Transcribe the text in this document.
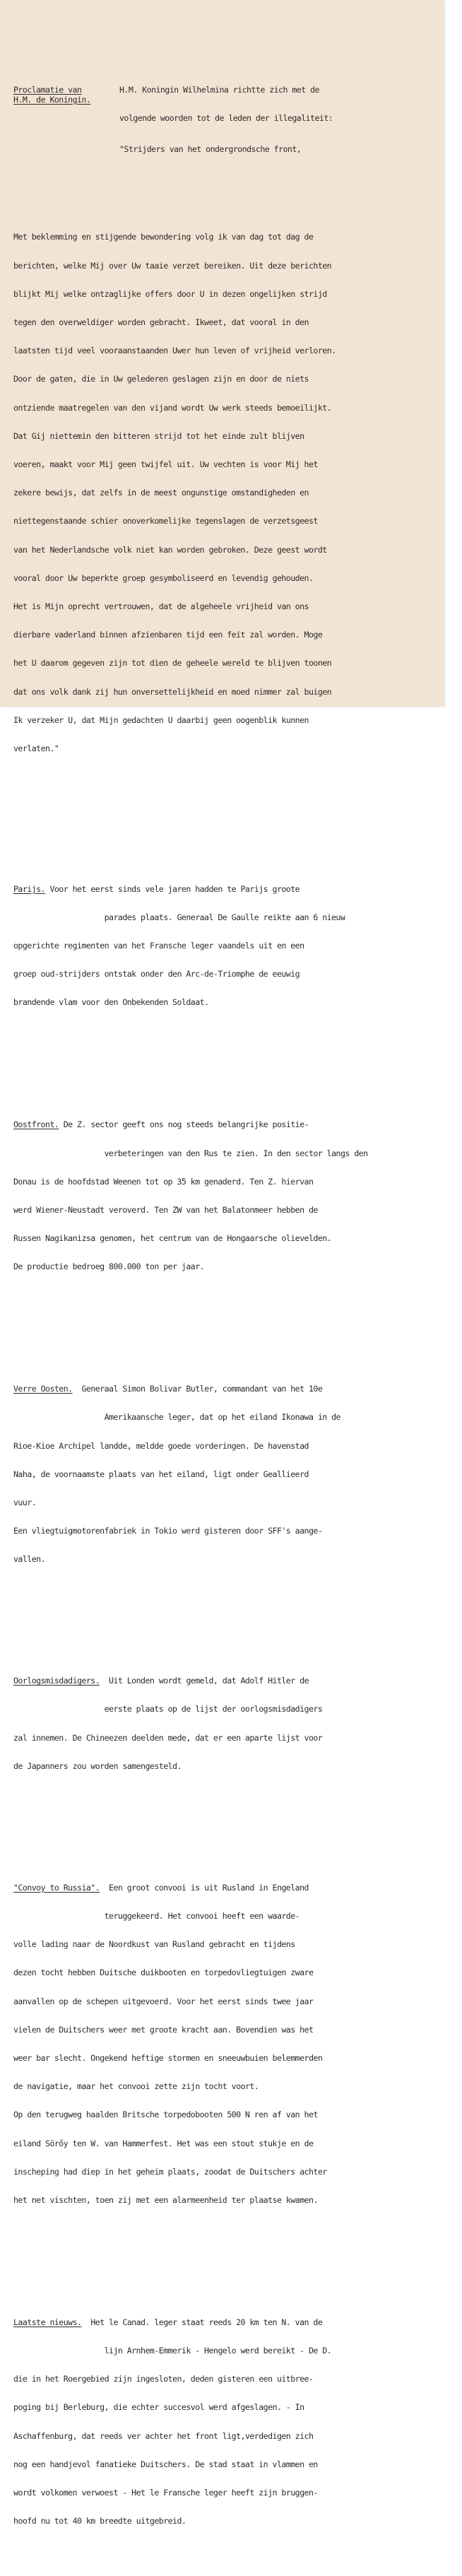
Proclamatie van
H.M. de Koningin.

H.M. Koningin Wilhelmina richtte zich met de

volgende woorden tot de leden der illegaliteit:

"Strijders van het ondergrondsche front,

Met beklemming en stijgende bewondering volg ik van dag tot dag de

berichten, welke Mij over Uw taaie verzet bereiken. Uit deze berichten

blijkt Mij welke ontzaglijke offers door U in dezen ongelijken strijd

tegen den overweldiger worden gebracht. Ikweet, dat vooral in den

laatsten tijd veel vooraanstaanden Uwer hun leven of vrijheid verloren.

Door de gaten, die in Uw gelederen geslagen zijn en door de niets

ontziende maatregelen van den vijand wordt Uw werk steeds bemoeilijkt.

Dat Gij niettemin den bitteren strijd tot het einde zult blijven

voeren, maakt voor Mij geen twijfel uit. Uw vechten is voor Mij het

zekere bewijs, dat zelfs in de meest ongunstige omstandigheden en

niettegenstaande schier onoverkomelijke tegenslagen de verzetsgeest

van het Nederlandsche volk niet kan worden gebroken. Deze geest wordt

vooral door Uw beperkte groep gesymboliseerd en levendig gehouden.

Het is Mijn oprecht vertrouwen, dat de algeheele vrijheid van ons

dierbare vaderland binnen afzienbaren tijd een feit zal worden. Moge

het U daarom gegeven zijn tot dien de geheele wereld te blijven toonen

dat ons volk dank zij hun onversettelijkheid en moed nimmer zal buigen

Ik verzeker U, dat Mijn gedachten U daarbij geen oogenblik kunnen

verlaten."

Parijs. Voor het eerst sinds vele jaren hadden te Parijs groote

parades plaats. Generaal De Gaulle reikte aan 6 nieuw

opgerichte regimenten van het Fransche leger vaandels uit en een

groep oud-strijders ontstak onder den Arc-de-Triomphe de eeuwig

brandende vlam voor den Onbekenden Soldaat.

Oostfront. De Z. sector geeft ons nog steeds belangrijke positie-

verbeteringen van den Rus te zien. In den sector langs den

Donau is de hoofdstad Weenen tot op 35 km genaderd. Ten Z. hiervan

werd Wiener-Neustadt veroverd. Ten ZW van het Balatonmeer hebben de

Russen Nagikanizsa genomen, het centrum van de Hongaarsche olievelden.

De productie bedroeg 800.000 ton per jaar.

Verre Oosten.  Generaal Simon Bolivar Butler, commandant van het 10e

Amerikaansche leger, dat op het eiland Ikonawa in de

Rioe-Kioe Archipel landde, meldde goede vorderingen. De havenstad

Naha, de voornaamste plaats van het eiland, ligt onder Geallieerd

vuur.

Een vliegtuigmotorenfabriek in Tokio werd gisteren door SFF's aange-

vallen.

Oorlogsmisdadigers.  Uit Londen wordt gemeld, dat Adolf Hitler de

eerste plaats op de lijst der oorlogsmisdadigers

zal innemen. De Chineezen deelden mede, dat er een aparte lijst voor

de Japanners zou worden samengesteld.

"Convoy to Russia".  Een groot convooi is uit Rusland in Engeland

teruggekeerd. Het convooi heeft een waarde-

volle lading naar de Noordkust van Rusland gebracht en tijdens

dezen tocht hebben Duitsche duikbooten en torpedovliegtuigen zware

aanvallen op de schepen uitgevoerd. Voor het eerst sinds twee jaar

vielen de Duitschers weer met groote kracht aan. Bovendien was het

weer bar slecht. Ongekend heftige stormen en sneeuwbuien belemmerden

de navigatie, maar het convooi zette zijn tocht voort.

Op den terugweg haalden Britsche torpedobooten 500 N ren af van het

eiland Sörőy ten W. van Hammerfest. Het was een stout stukje en de

inscheping had diep in het geheim plaats, zoodat de Duitschers achter

het net vischten, toen zij met een alarmeenheid ter plaatse kwamen.

Laatste nieuws.  Het le Canad. leger staat reeds 20 km ten N. van de

lijn Arnhem-Emmerik - Hengelo werd bereikt - De D.

die in het Roergebied zijn ingesloten, deden gisteren een uitbree-

poging bij Berleburg, die echter succesvol werd afgeslagen. - In

Aschaffenburg, dat reeds ver achter het front ligt,verdedigen zich

nog een handjevol fanatieke Duitschers. De stad staat in vlammen en

wordt volkomen verwoest - Het le Fransche leger heeft zijn bruggen-

hoofd nu tot 40 km breedte uitgebreid.
